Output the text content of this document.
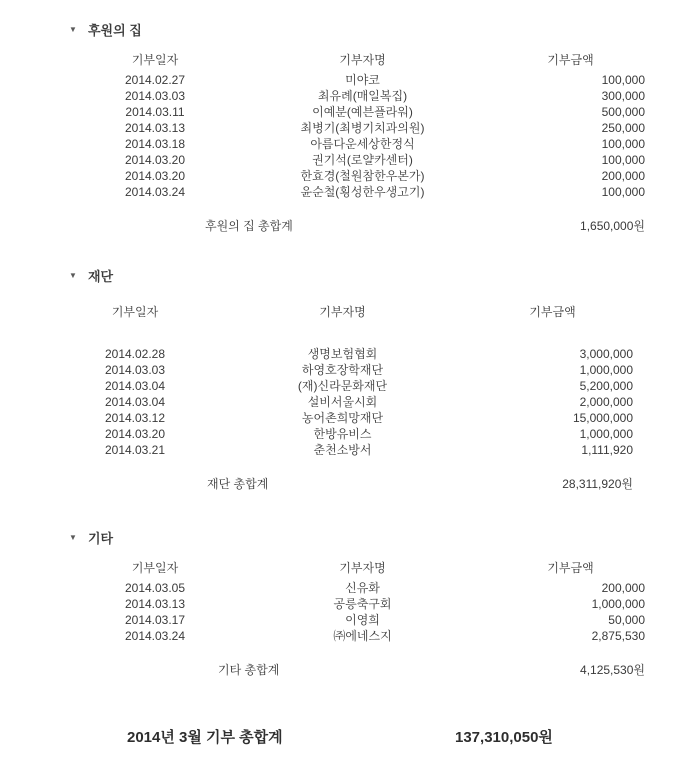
▼ 후원의 집
기부일자	기부자명	기부금액
2014.02.27	미야코	100,000
2014.03.03	최유례(매일복집)	300,000
2014.03.11	이예분(예븐플라워)	500,000
2014.03.13	최병기(최병기치과의원)	250,000
2014.03.18	아름다운세상한정식	100,000
2014.03.20	권기석(로얄카센터)	100,000
2014.03.20	한효경(철원참한우본가)	200,000
2014.03.24	윤순철(횡성한우생고기)	100,000
후원의 집 총합계	1,650,000원
▼ 재단
기부일자	기부자명	기부금액
2014.02.28	생명보험협회	3,000,000
2014.03.03	하영호장학재단	1,000,000
2014.03.04	(재)신라문화재단	5,200,000
2014.03.04	설비서울시회	2,000,000
2014.03.12	농어촌희망재단	15,000,000
2014.03.20	한방유비스	1,000,000
2014.03.21	춘천소방서	1,111,920
재단 총합계	28,311,920원
▼ 기타
기부일자	기부자명	기부금액
2014.03.05	신유화	200,000
2014.03.13	공릉축구회	1,000,000
2014.03.17	이영희	50,000
2014.03.24	㈜에네스지	2,875,530
기타 총합계	4,125,530원
2014년 3월 기부 총합계	137,310,050원
